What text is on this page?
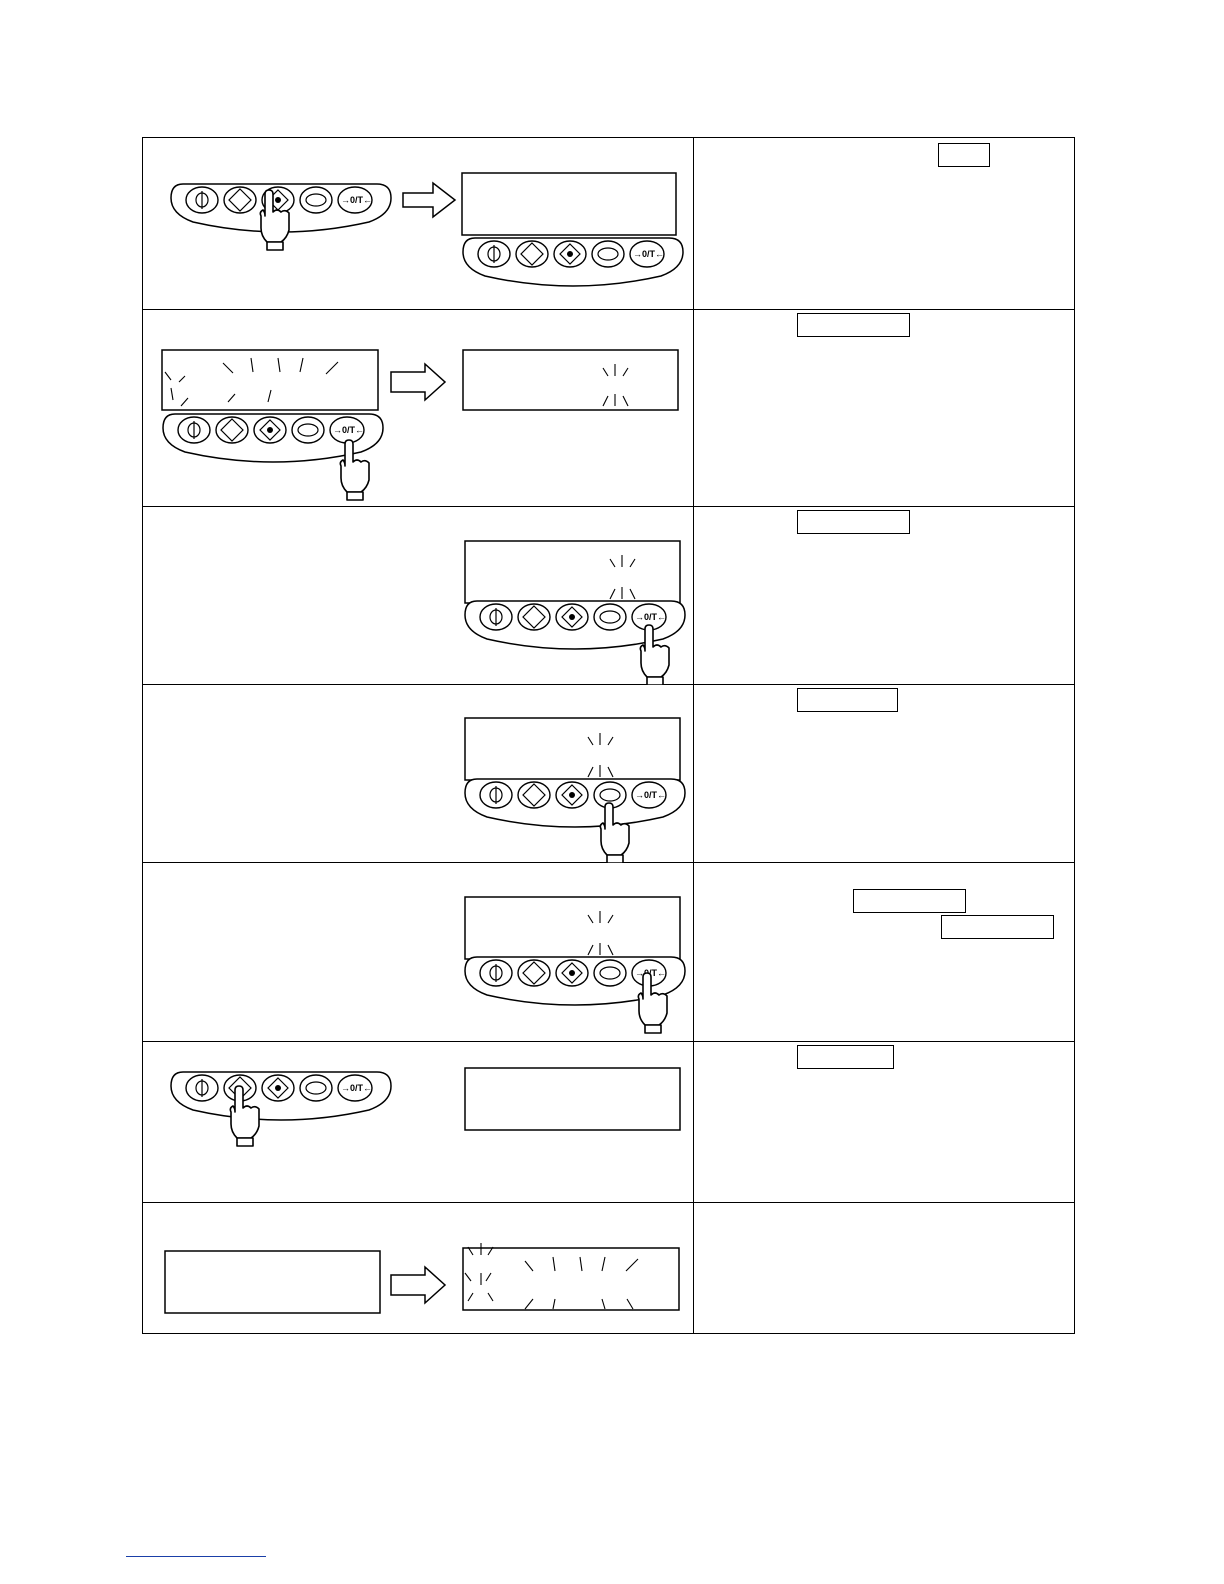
→0/T←
→0/T←	

→0/T←	

→0/T←	

→0/T←	

→0/T←	

→0/T←	
